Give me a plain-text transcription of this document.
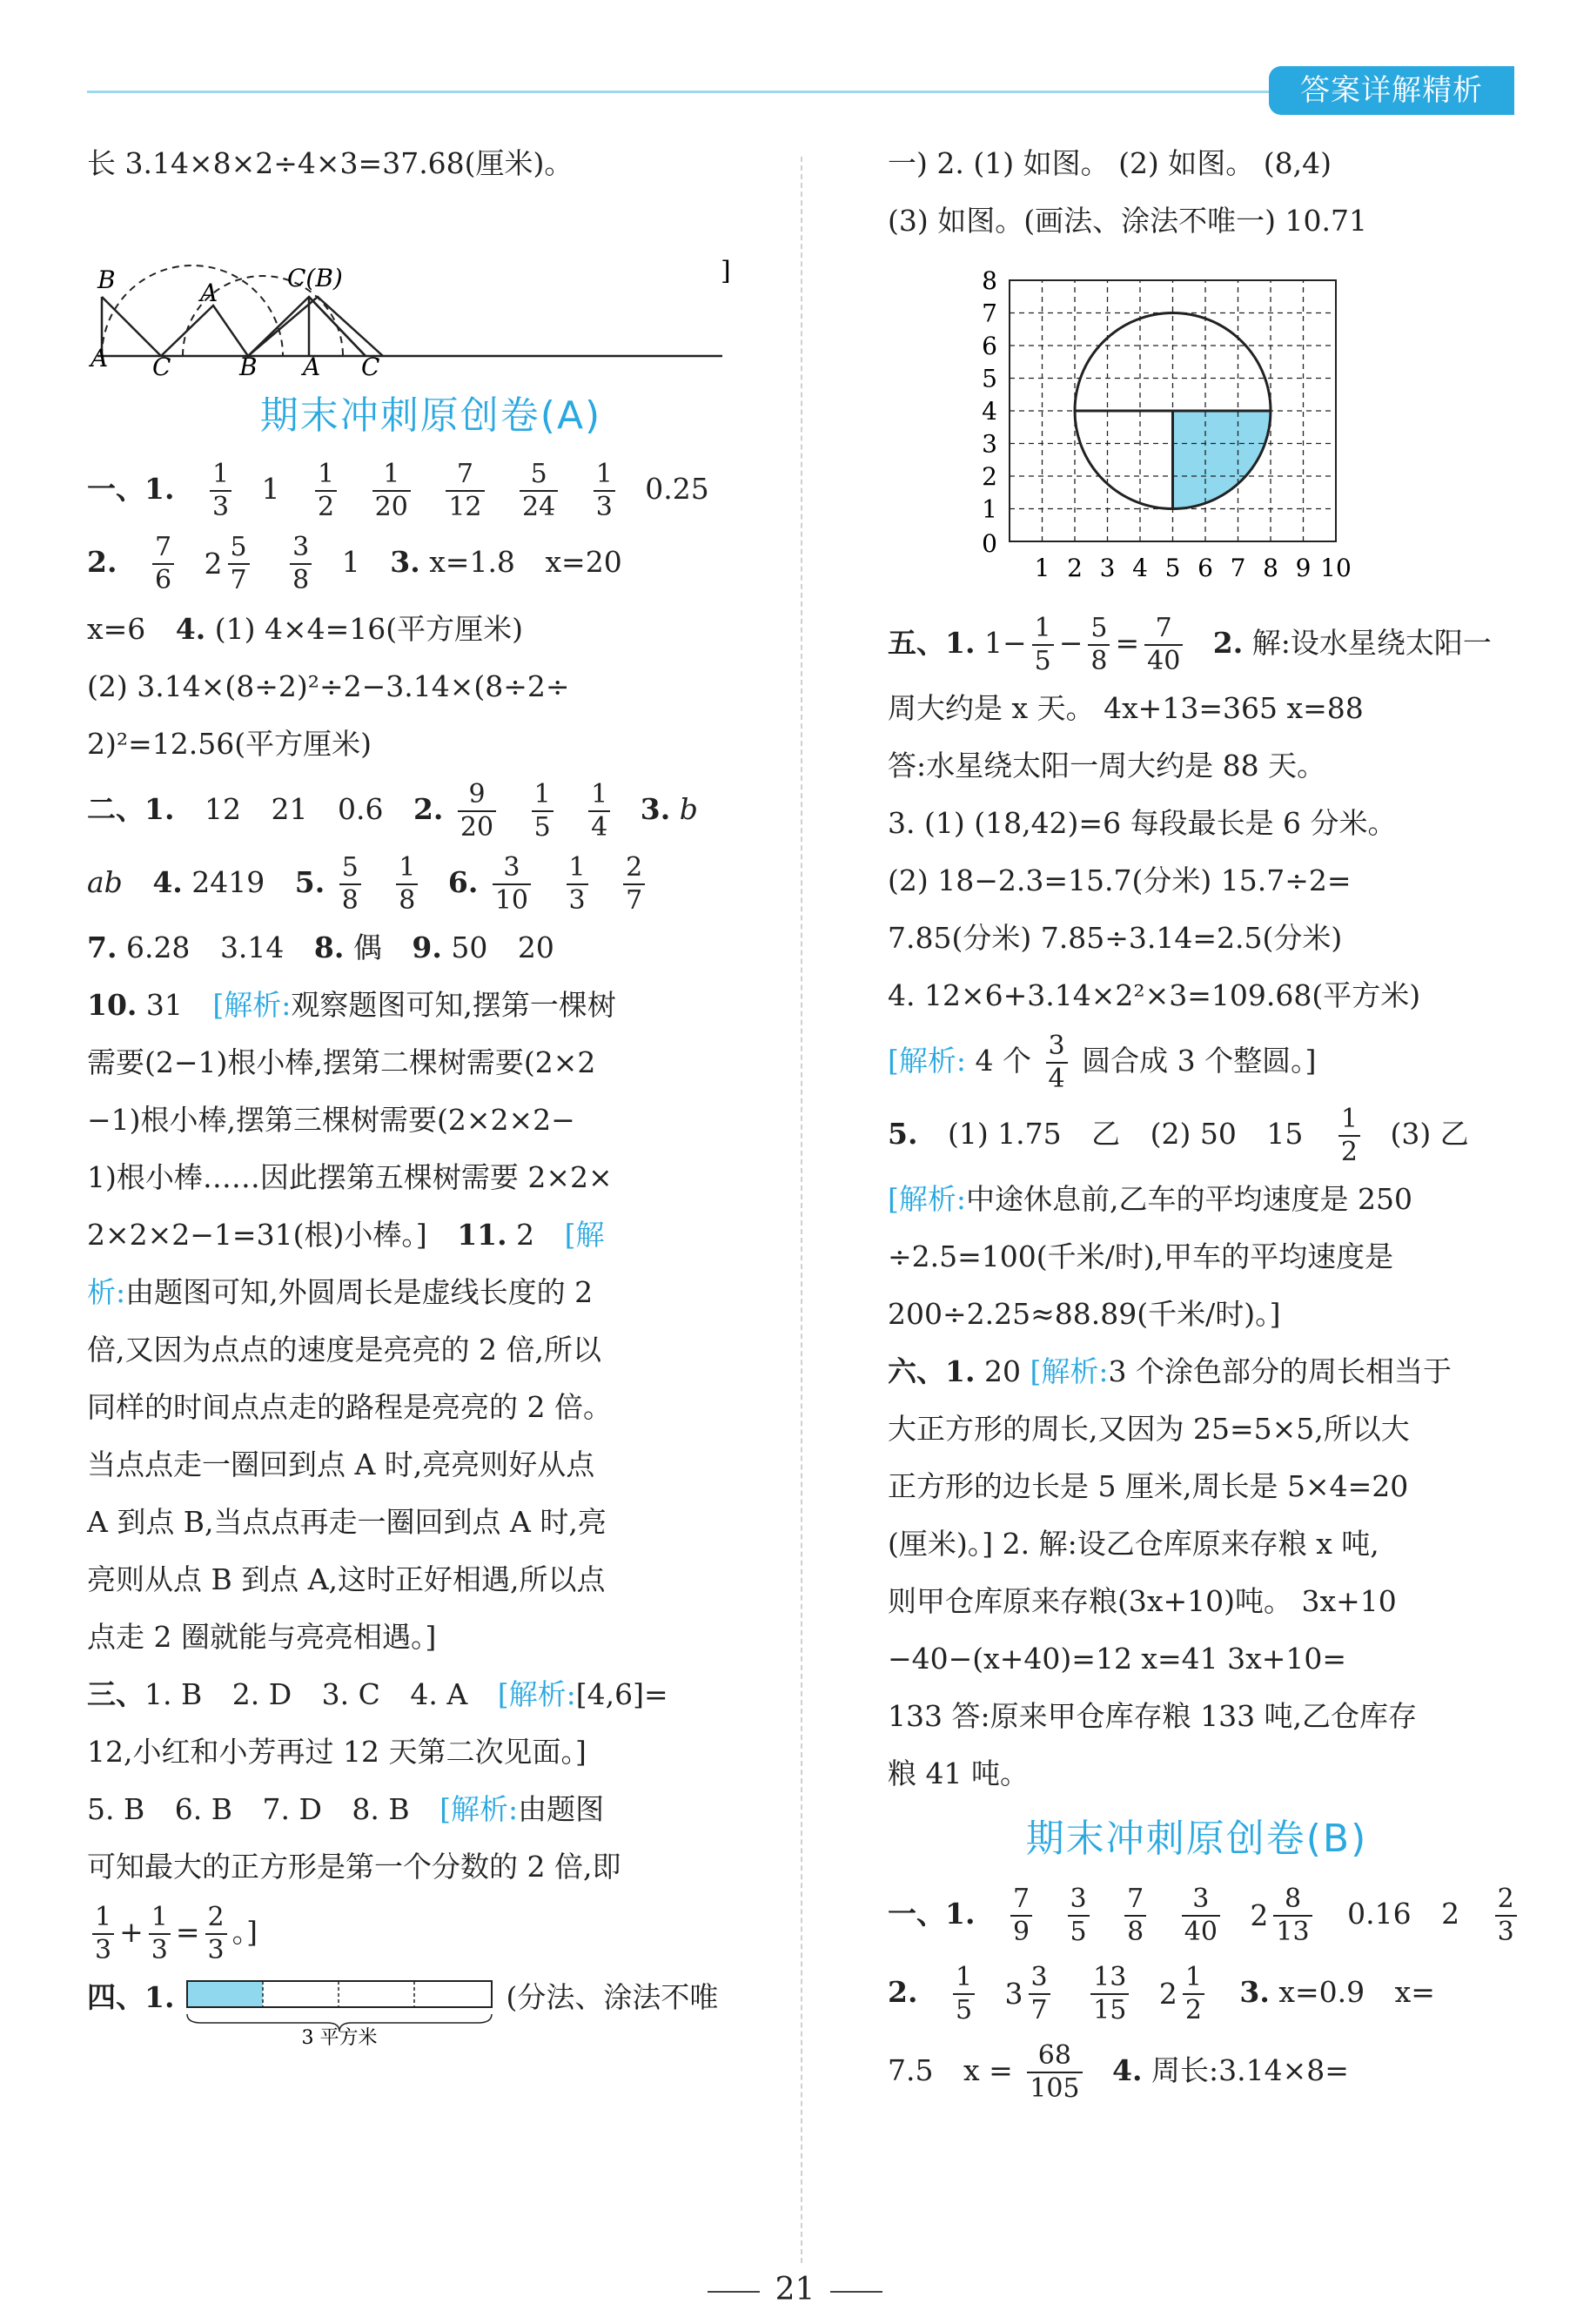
答案详解精析
长 3.14×8×2÷4×3=37.68(厘米)。
A
B	C(B)
A
C	B A C
]
期末冲刺原创卷(A)
一、1. $\frac{1}{3} 1 \frac{1}{2}$
$\frac{1}{20}$
$\frac{7}{12}$
$\frac{5}{24}$
$\frac{1}{3} 0.25$
2. $\frac{7}{6}$
$2 \frac{5}{7}$
$\frac{3}{8} 1$ 3. x=1.8 x=20
x=6 4. (1) 4×4=16(平方厘米)
(2) 3.14×(8÷2)²÷2−3.14×(8÷2÷
2)²=12.56(平方厘米)
二、1. 12 21 0.6 2. $\frac{9}{20}$
$\frac{1}{5}$
$\frac{1}{4} 3$. b
ab 4. 2419 5. $\frac{5}{8}$
$\frac{1}{8} 6$. $\frac{3}{10}$
$\frac{1}{3}$
$\frac{2}{7}$
7. 6.28 3.14 8. 偶 9. 50 20
10. 31 [解析:观察题图可知,摆第一棵树
需要(2−1)根小棒,摆第二棵树需要(2×2
−1)根小棒,摆第三棵树需要(2×2×2−
1)根小棒……因此摆第五棵树需要 2×2×
2×2×2−1=31(根)小棒。] 11. 2 [解
析:由题图可知,外圆周长是虚线长度的 2
倍,又因为点点的速度是亮亮的 2 倍,所以
同样的时间点点走的路程是亮亮的 2 倍。
当点点走一圈回到点 A 时,亮亮则好从点
A 到点 B,当点点再走一圈回到点 A 时,亮
亮则从点 B 到点 A,这时正好相遇,所以点
点走 2 圈就能与亮亮相遇。]
三、1. B 2. D 3. C 4. A [解析:[4,6]=
12,小红和小芳再过 12 天第二次见面。]
5. B 6. B 7. D 8. B [解析:由题图
可知最大的正方形是第一个分数的 2 倍,即
$\frac{1}{3} + \frac{1}{3} = \frac{2}{3}$ 。]
四、1.
3 平方米
(分法、涂法不唯
一) 2. (1) 如图。 (2) 如图。 (8,4)
(3) 如图。(画法、涂法不唯一) 10.71
8
7
6
5
4
3
2
1
0
1 2 3 4 5 6 7 8 9 10
五、1. $1- \frac{1}{5} - \frac{5}{8} = \frac{7}{40} 2$. 解:设水星绕太阳一
周大约是 x 天。 4x+13=365 x=88
答:水星绕太阳一周大约是 88 天。
3. (1) (18,42)=6 每段最长是 6 分米。
(2) 18−2.3=15.7(分米) 15.7÷2=
7.85(分米) 7.85÷3.14=2.5(分米)
4. 12×6+3.14×2²×3=109.68(平方米)
[解析: 4 个 $\frac{3}{4}$ 圆合成 3 个整圆。]
5. (1) 1.75 乙 (2) 50 $15 \frac{1}{2} (3)$ 乙
[解析:中途休息前,乙车的平均速度是 250
÷2.5=100(千米/时),甲车的平均速度是
200÷2.25≈88.89(千米/时)。]
六、1. 20 [解析:3 个涂色部分的周长相当于
大正方形的周长,又因为 25=5×5,所以大
正方形的边长是 5 厘米,周长是 5×4=20
(厘米)。] 2. 解:设乙仓库原来存粮 x 吨,
则甲仓库原来存粮(3x+10)吨。 3x+10
−40−(x+40)=12 x=41 3x+10=
133 答:原来甲仓库存粮 133 吨,乙仓库存
粮 41 吨。
期末冲刺原创卷(B)
一、1. $\frac{7}{9}$
$\frac{3}{5}$
$\frac{7}{8}$
$\frac{3}{40}$
$2 \frac{8}{13} 0.16$ $2 \frac{2}{3}$
2. $\frac{1}{5}$
$3 \frac{3}{7}$
$\frac{13}{15}$
$2 \frac{1}{2} 3$. x=0.9 x=
7.5 $x = \frac{68}{105} 4$. 周长:3.14×8=
21
